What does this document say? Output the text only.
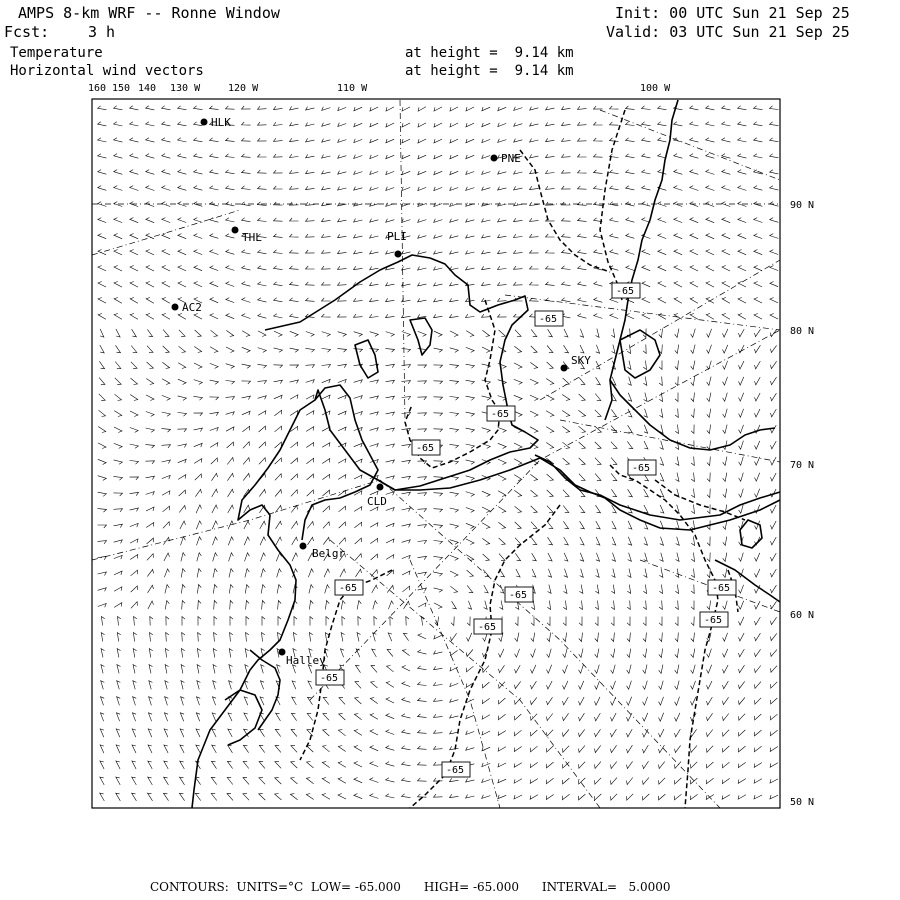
AMPS 8-km WRF -- Ronne Window
Fcst:	3 h
Init: 00 UTC Sun 21 Sep 25
Valid: 03 UTC Sun 21 Sep 25
Temperature
Horizontal wind vectors
at height =  9.14 km
at height =  9.14 km
160 150 140 130 W	120 W	110 W	100 W
90 N
80 N
70 N
60 N
50 N
HLK
PNE
THL	PLI
AC2
SKY
CLD
Belgr
Halley
-65
-65
-65
-65
-65
-65
-65
-65
-65
-65
-65
-65
CONTOURS: UNITS=°C LOW= -65.000 HIGH= -65.000 INTERVAL=   5.0000
